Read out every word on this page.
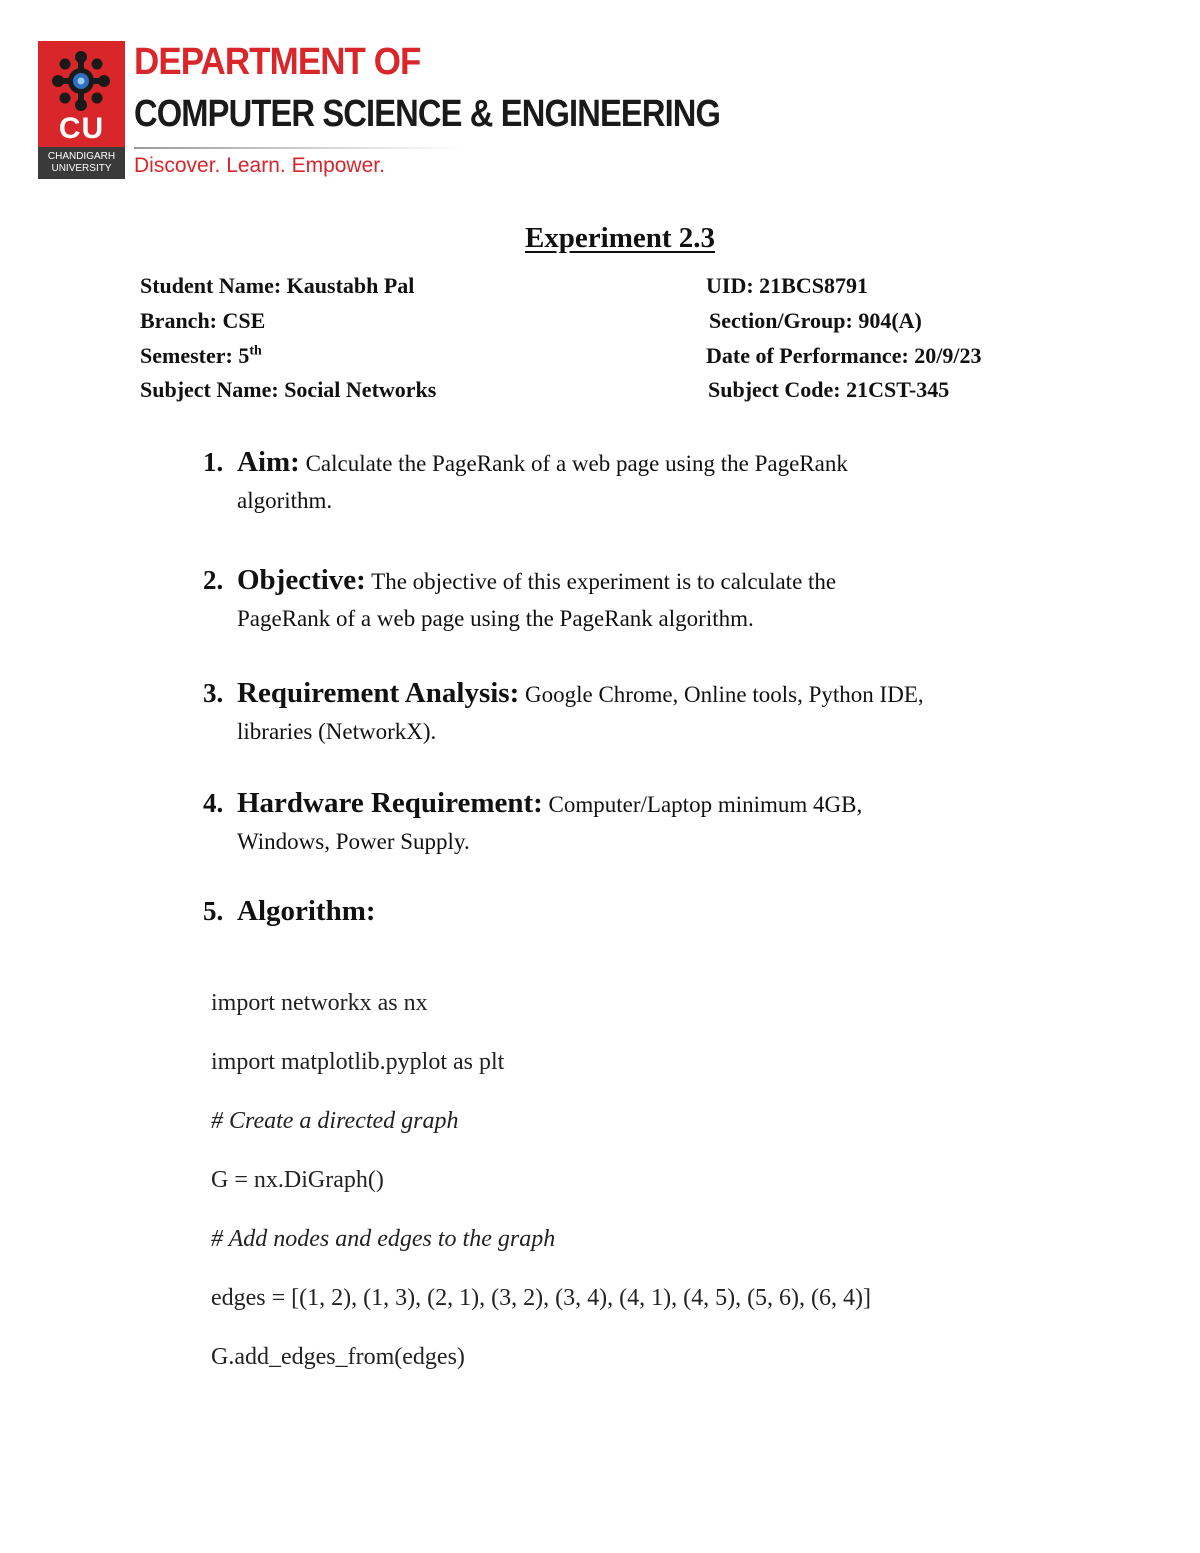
CU
CHANDIGARH
UNIVERSITY
DEPARTMENT OF
COMPUTER SCIENCE & ENGINEERING
Discover. Learn. Empower.
Experiment 2.3
Student Name: Kaustabh Pal	UID: 21BCS8791
Branch: CSE	Section/Group: 904(A)
Semester: 5th	Date of Performance: 20/9/23
Subject Name: Social Networks	Subject Code: 21CST-345
1. Aim: Calculate the PageRank of a web page using the PageRank
algorithm.
2. Objective: The objective of this experiment is to calculate the
PageRank of a web page using the PageRank algorithm.
3. Requirement Analysis: Google Chrome, Online tools, Python IDE,
libraries (NetworkX).
4. Hardware Requirement: Computer/Laptop minimum 4GB,
Windows, Power Supply.
5. Algorithm:
import networkx as nx
import matplotlib.pyplot as plt
# Create a directed graph
G = nx.DiGraph()
# Add nodes and edges to the graph
edges = [(1, 2), (1, 3), (2, 1), (3, 2), (3, 4), (4, 1), (4, 5), (5, 6), (6, 4)]
G.add_edges_from(edges)
